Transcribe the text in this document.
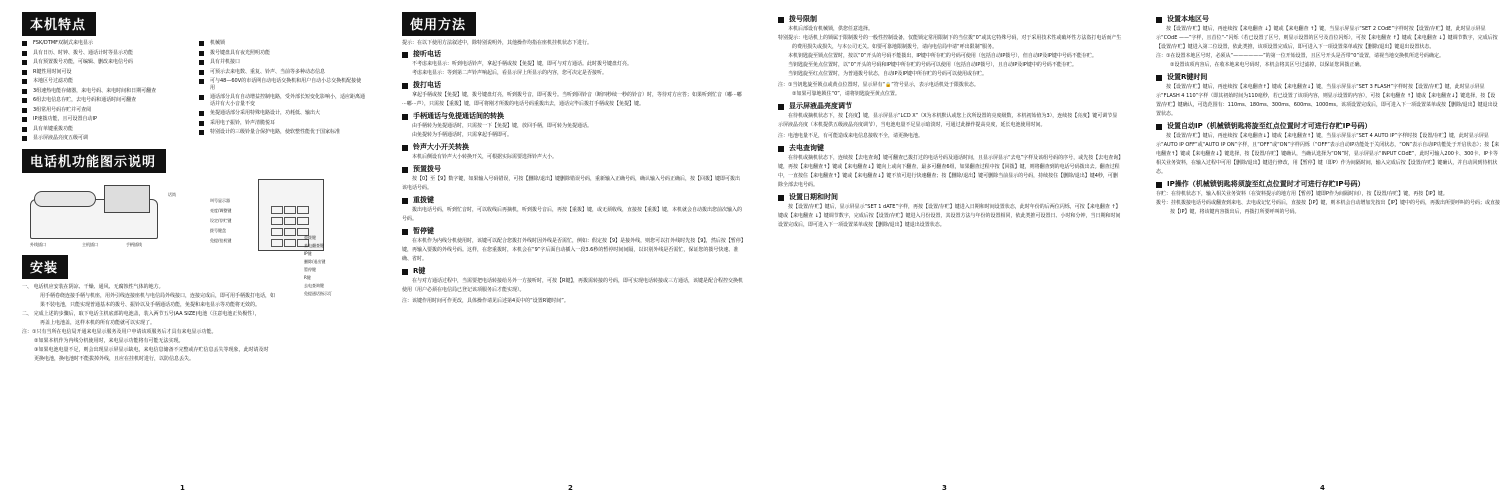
本机特点
FSK/DTMF双制式来电显示
具有日历、时钟、拨号、通话计时等显示功能
具有预置拨号功能，可编辑、删改来电信号码
R键性用时间可设
本地区号过滤功能
3组速热电能存储器，来电号码、来电时间和日期可翻查
6组去电信息存贮，去电号码和通话时间可翻查
3组常用号码存贮并可查阅
IP速拨功能，且可设置自动IP
具有单键重拨功能
显示屏液晶亮度五级可调
机械锁
拨号键盘具有夜光照明功能
具有并机接口
可预示去来电数、重复、铃声、当前等多种动态信息
可与48—60V的市话网自动电话交换机和用户自动小总交换机配接使用
通话部分具有自动增益控制电路，受外部长短变化影响小，适应距离通话并有大小音量不变
免提通话部分采用特殊电路设计，功耗低、输出大
采用电子振铃，铃声清脆悦耳
特别设计的三级铃量合保护电路，使软整性能优于国家标准
电话机功能图示说明
外线插口	主机插口	手柄插线
话筒
叫号显示器
亮度/调整键
设定/存贮键
拨号键盘
免提/挂机键	重拨键
来电翻查键
IP键
删除/退出键
暂停键
R键
去电查询键
免提通话指示灯
安装

一、 电话机应安装在阴凉、干燥、通风、无腐蚀性气体的地方。

用手柄卷绕连接手柄与机座，用外引线连接座机与电信局外线接口，连接完成后，即可用手柄拨打电话，如

果不装电池，只能实现普通基本的拨号、振铃以及手柄通话功能，免提和来电显示等功能将无效的。

二、 完成上述的步骤后，取下电话主机底部的电池盖，装入两节五号(AA SIZE)电池（注意电池正负极性），

再盖上电池盖，这样本机的所有功能就可以实现了。

注：①只有当所在电信局开通来电显示服务及用户申请该项服务后才具有来电显示功能。

②如果本机作为内线分机使用时，来电显示功能将有可能无法实现。

③如果电池电量不足，则会出现显示屏显示缺电，来电信息储备不完整或存贮信息丢失等现象，此时请及时

更换电池，换电池时不能拔掉外线，且应在挂机时进行，以防信息丢失。

1
使用方法

提示：在以下使用方法叙述中，除特别说明外，其他操作均指在座机挂机状态下进行。

接听电话

不考虑来电显示：听到电话铃声，拿起手柄或按【免提】键，即可与对方通话。此时拨号键盘灯亮。

考虑来电显示：等到第二声铃声响起后，看显示屏上所显示的内容，您可决定是否接听。

拨打电话

拿起手柄或按【免提】键，拨号键盘灯亮，听到拨号音，即可拨号。当听到回铃音（断四秒续一秒的铃音）时，等待对方应答；如果听到忙音（嘟···嘟···嘟···声），只需按【重拨】键，即可将刚才所拨的电话号码重拨出去，通话完毕后拨打手柄或按【免提】键。

手柄通话与免提通话间的转换

由手柄转为免提通话时，只需按一下【免提】键，放回手柄，即可转为免提通话。

由免提转为手柄通话时，只需拿起手柄即可。

铃声大小开关转换

本机后侧设有铃声大小转换开关，可根据实际需要选择铃声大小。

预置拨号

按【0】至【9】数字键，如果输入号码错误，可按【删除/退出】键删除错误号码，重新输入正确号码，确认输入号码正确后，按【回拨】键即可拨出该电话号码。

重拨键

拨出电话号码，听到忙音时，可以收线后再摘机，听到拨号音后，再按【重拨】键，或无须收线，直接按【重拨】键，本机就会自动拨出您前次输入的号码。

暂停键

在本机作为内线分机使用时，该键可以配合您拨打外线时因外线是否需忙，例如：假定按【9】是接外线，则您可以打外线时先按【9】，然后按【暂停】键，再输入要拨的外线号码。这样，在您重拨时，本机会在“9”字后面自动插入一段3.6秒的暂停时间间隔，以识别外线是否需忙，保证您的拨号快速、准确、省时。

R键

在与对方通话过程中，当需要把电话转接给另外一方接听时，可按【R键】，再拨需转接的号码，即可实现电话转接或三方通话，该键是配合程控交换机使用（用户必须在电信局已登记该项服务后才能实现）。

注：该键作用时间可作更改，具体操作请见后述第4页中的“设置R键时间”。

2
拨号限制

本机后部设有机械锁，供您任意选择。

特别提示：电话机上的锁属于限制拨号的一般性控制设备，仅能锁定常用限制下的当位拨“0”或其它特殊号码，对于采用技术性或破坏性方法盗打电话而产生的费用损失或损失，与本公司无关。如要可靠地限制拨号，请向电信局申请“呼出限制”服务。

本机钥匙旋至锁点位置时，按以“0”开头的号码不能拨出，IP键中所存贮的号码可使用（包括自动IP拨号），但自动IP及IP键中号码不能存贮。

当钥匙旋至免点位置时，以“0”开头的号码和IP键中所存贮的号码可以使用（包括自动IP拨号），且自动IP及IP键中的号码不能存贮。

当钥匙旋至红点位置时，为普通拨号状态，自动IP及IP键中所存贮的号码可以使用或存贮。

注：①当钥匙旋至锁点或黄点位置时，显示屏有“🔒”符号显示，表示电话机处于限拨状态。

②如果可靠地锁住“0”，请将钥匙旋至黄点位置。

显示屏液晶亮度调节

在待机或摘机状态下，按【亮度】键，显示屏显示“LCD X”（X为本机默认或您上次所设置的亮度级数，本机初始值为3），连续按【亮度】键可调节显示屏液晶亮度（本机提供五级液晶亮度调节），当电池电量不足显示暗淡时，可通过此操作提高亮度，延长电池使用时间。

注：电池电量不足，有可能造成来电信息接收不全，请更换电池。

去电查询键

在待机或摘机状态下，连续按【去电查询】键可翻查已拨打过的电话号码及通话时间，且显示屏显示“去电”字样及该组号码的序号，或先按【去电查询】键，再按【来电翻查↑】键或【来电翻查↓】键向上或向下翻查，最多可翻查6组，如果翻查过程中按【回拨】键，则将翻查到的电话号码拨出去。翻查过程中，一直按住【来电翻查↑】键或【来电翻查↓】键不放可进行快速翻查；按【删除/退出】键可删除当前显示的号码，持续按住【删除/退出】键4秒，可删除全部去电号码。

设置日期和时间

按【设置/存贮】键后，显示屏显示“SET 1 dATE”字样，再按【设置/存贮】键进入日期和时间设置状态，此时年份的后两位闪烁，可按【来电翻查 ↑】键或【来电翻查 ↓】键调节数字，完成后按【设置/存贮】键进入月份设置，其设置方法与年份的设置相同，依此类推可设置日、小时和分钟，当日期和时间设置完成后，即可进入下一项设置菜单或按【删除/退出】键退出设置状态。

3
设置本地区号

按【设置/存贮】键后，再连续按【来电翻查 ↓】键或【来电翻查 ↑】键，当显示屏显示“SET 2 COdE”字样时按【设置/存贮】键，此时显示屏显示“COdE ——”字样，且首位“-”闪烁（若已设置了区号，则显示设置的区号及首位闪烁），可按【来电翻查 ↑】键或【来电翻查 ↓】键调节数字，完成后按【设置/存贮】键进入第二位设置，依此类推，该项设置完成后，即可进入下一项设置菜单或按【删除/退出】键退出设置状态。

注：①在设置本地区号时，必须从“——————”的第一位开始设置，且区号开头是否带“0”设置，请视当地交换机所送号码确定。

②设置该项内容后，在收本地来电号码时，本机会将其区号过滤掉，以保证您回拨正确。

设置R键时间

按【设置/存贮】键后，再连续按【来电翻查↑】键或【来电翻查↓】键，当显示屏显示“SET 3 FLASH”字样时按【设置/存贮】键，此时显示屏显示“FLASH 4 110”字样（即其初始时间为110毫秒，若已设置了该项内容，则显示设置的内容），可按【来电翻查 ↑】键或【来电翻查↓】键选择，按【设置/存贮】键确认，可选范围有：110ms、180ms、300ms、600ms、1000ms。该项设置完成后，即可进入下一项设置菜单或按【删除/退出】键退出设置状态。

设置自动IP（机械锁钥匙将旋至红点位置时才可进行存贮IP号码）

按【设置/存贮】键后，再连续按【来电翻查↓】键或【来电翻查↑】键，当显示屏显示“SET 4 AUTO IP”字样时按【设置/存贮】键，此时显示屏显示“AUTO IP OFF”或“AUTO IP ON”字样，且“OFF”或“ON”字样闪烁（“OFF”表示自动IP功能处于关闭状态，“ON”表示自动IP功能处于开启状态）；按【来电翻查↑】键或【来电翻查↓】键选择，按【设置/存贮】键确认，当确认选择为“ON”时，显示屏显示“INPUT COdE”，此时可输入200卡、300卡、IP卡等相关业务资料，在输入过程中可用【删除/退出】键进行修改，用【暂停】键（即P）作为间隔时间，输入完成后按【设置/存贮】键确认，并自动回到待机状态。

IP操作（机械锁钥匙将须旋至红点位置时才可进行存贮IP号码）

存贮：在待机状态下，输入相关业务资料（在资料提示的地方用【暂停】键即P作为间隔时间），按【设置/存贮】键，再按【IP】键。

拨号：挂机拨接电话号码或翻查到来电、去电或记忆号码后，直接按【IP】键，则本机会自动增加先按出【IP】键中的号码，再拨出所要呼叫的号码；或直接按【IP】键，将该键内容拨出后，再拨打所要呼叫的号码。

4
